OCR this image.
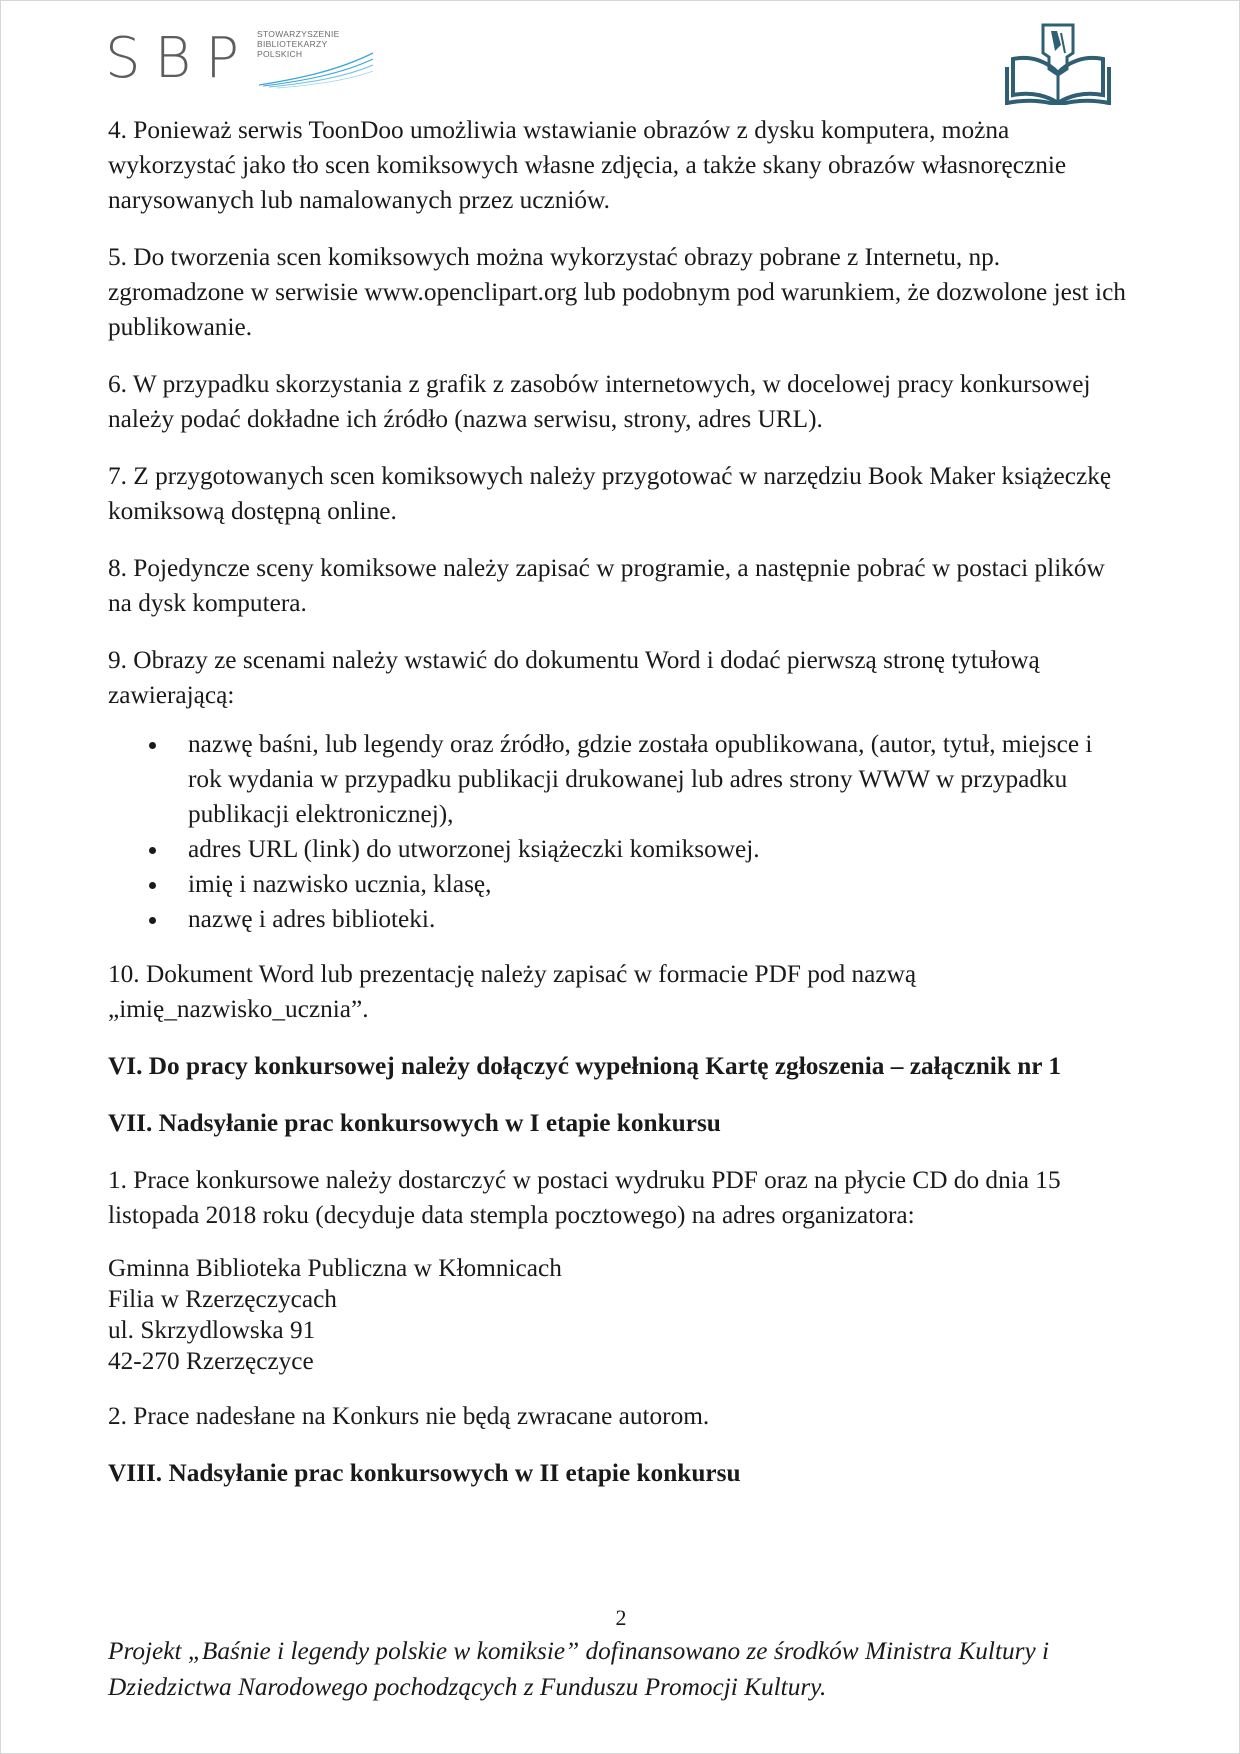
SBP STOWARZYSZENIE
BIBLIOTEKARZY
POLSKICH

4. Ponieważ serwis ToonDoo umożliwia wstawianie obrazów z dysku komputera, można wykorzystać jako tło scen komiksowych własne zdjęcia, a także skany obrazów własnoręcznie narysowanych lub namalowanych przez uczniów.

5. Do tworzenia scen komiksowych można wykorzystać obrazy pobrane z Internetu, np. zgromadzone w serwisie www.openclipart.org lub podobnym pod warunkiem, że dozwolone jest ich publikowanie.

6. W przypadku skorzystania z grafik z zasobów internetowych, w docelowej pracy konkursowej należy podać dokładne ich źródło (nazwa serwisu, strony, adres URL).

7. Z przygotowanych scen komiksowych należy przygotować w narzędziu Book Maker książeczkę komiksową dostępną online.

8. Pojedyncze sceny komiksowe należy zapisać w programie, a następnie pobrać w postaci plików na dysk komputera.

9. Obrazy ze scenami należy wstawić do dokumentu Word i dodać pierwszą stronę tytułową zawierającą:

nazwę baśni, lub legendy oraz źródło, gdzie została opublikowana, (autor, tytuł, miejsce i rok wydania w przypadku publikacji drukowanej lub adres strony WWW w przypadku publikacji elektronicznej),
adres URL (link) do utworzonej książeczki komiksowej.
imię i nazwisko ucznia, klasę,
nazwę i adres biblioteki.

10. Dokument Word lub prezentację należy zapisać w formacie PDF pod nazwą „imię_nazwisko_ucznia”.

VI. Do pracy konkursowej należy dołączyć wypełnioną Kartę zgłoszenia – załącznik nr 1

VII. Nadsyłanie prac konkursowych w I etapie konkursu

1. Prace konkursowe należy dostarczyć w postaci wydruku PDF oraz na płycie CD do dnia 15 listopada 2018 roku (decyduje data stempla pocztowego) na adres organizatora:

Gminna Biblioteka Publiczna w Kłomnicach
Filia w Rzerzęczycach
ul. Skrzydlowska 91
42-270 Rzerzęczyce

2. Prace nadesłane na Konkurs nie będą zwracane autorom.

VIII. Nadsyłanie prac konkursowych w II etapie konkursu

2
Projekt „Baśnie i legendy polskie w komiksie” dofinansowano ze środków Ministra Kultury i Dziedzictwa Narodowego pochodzących z Funduszu Promocji Kultury.
